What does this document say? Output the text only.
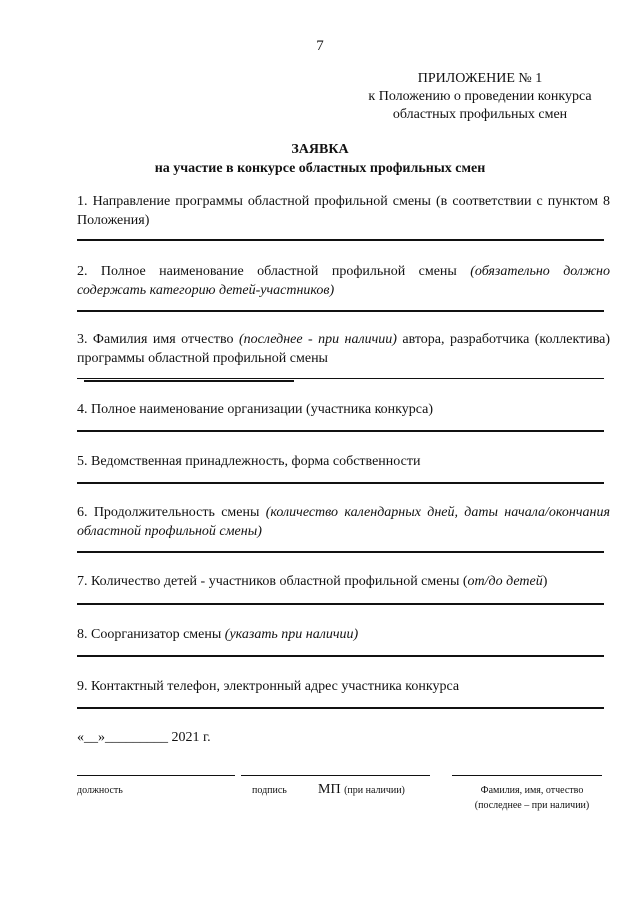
7
ПРИЛОЖЕНИЕ № 1
к Положению о проведении конкурса
областных профильных смен
ЗАЯВКА
на участие в конкурсе областных профильных смен
1. Направление программы областной профильной смены (в соответствии с пунктом 8 Положения)
2. Полное наименование областной профильной смены (обязательно должно содержать категорию детей-участников)
3. Фамилия имя отчество (последнее - при наличии) автора, разработчика (коллектива) программы областной профильной смены
4. Полное наименование организации (участника конкурса)
5. Ведомственная принадлежность, форма собственности
6. Продолжительность смены (количество календарных дней, даты начала/окончания областной профильной смены)
7. Количество детей - участников областной профильной смены (от/до детей)
8. Соорганизатор смены (указать при наличии)
9. Контактный телефон, электронный адрес участника конкурса
«__»_________ 2021 г.
должность	подпись МП (при наличии)	Фамилия, имя, отчество
(последнее – при наличии)
